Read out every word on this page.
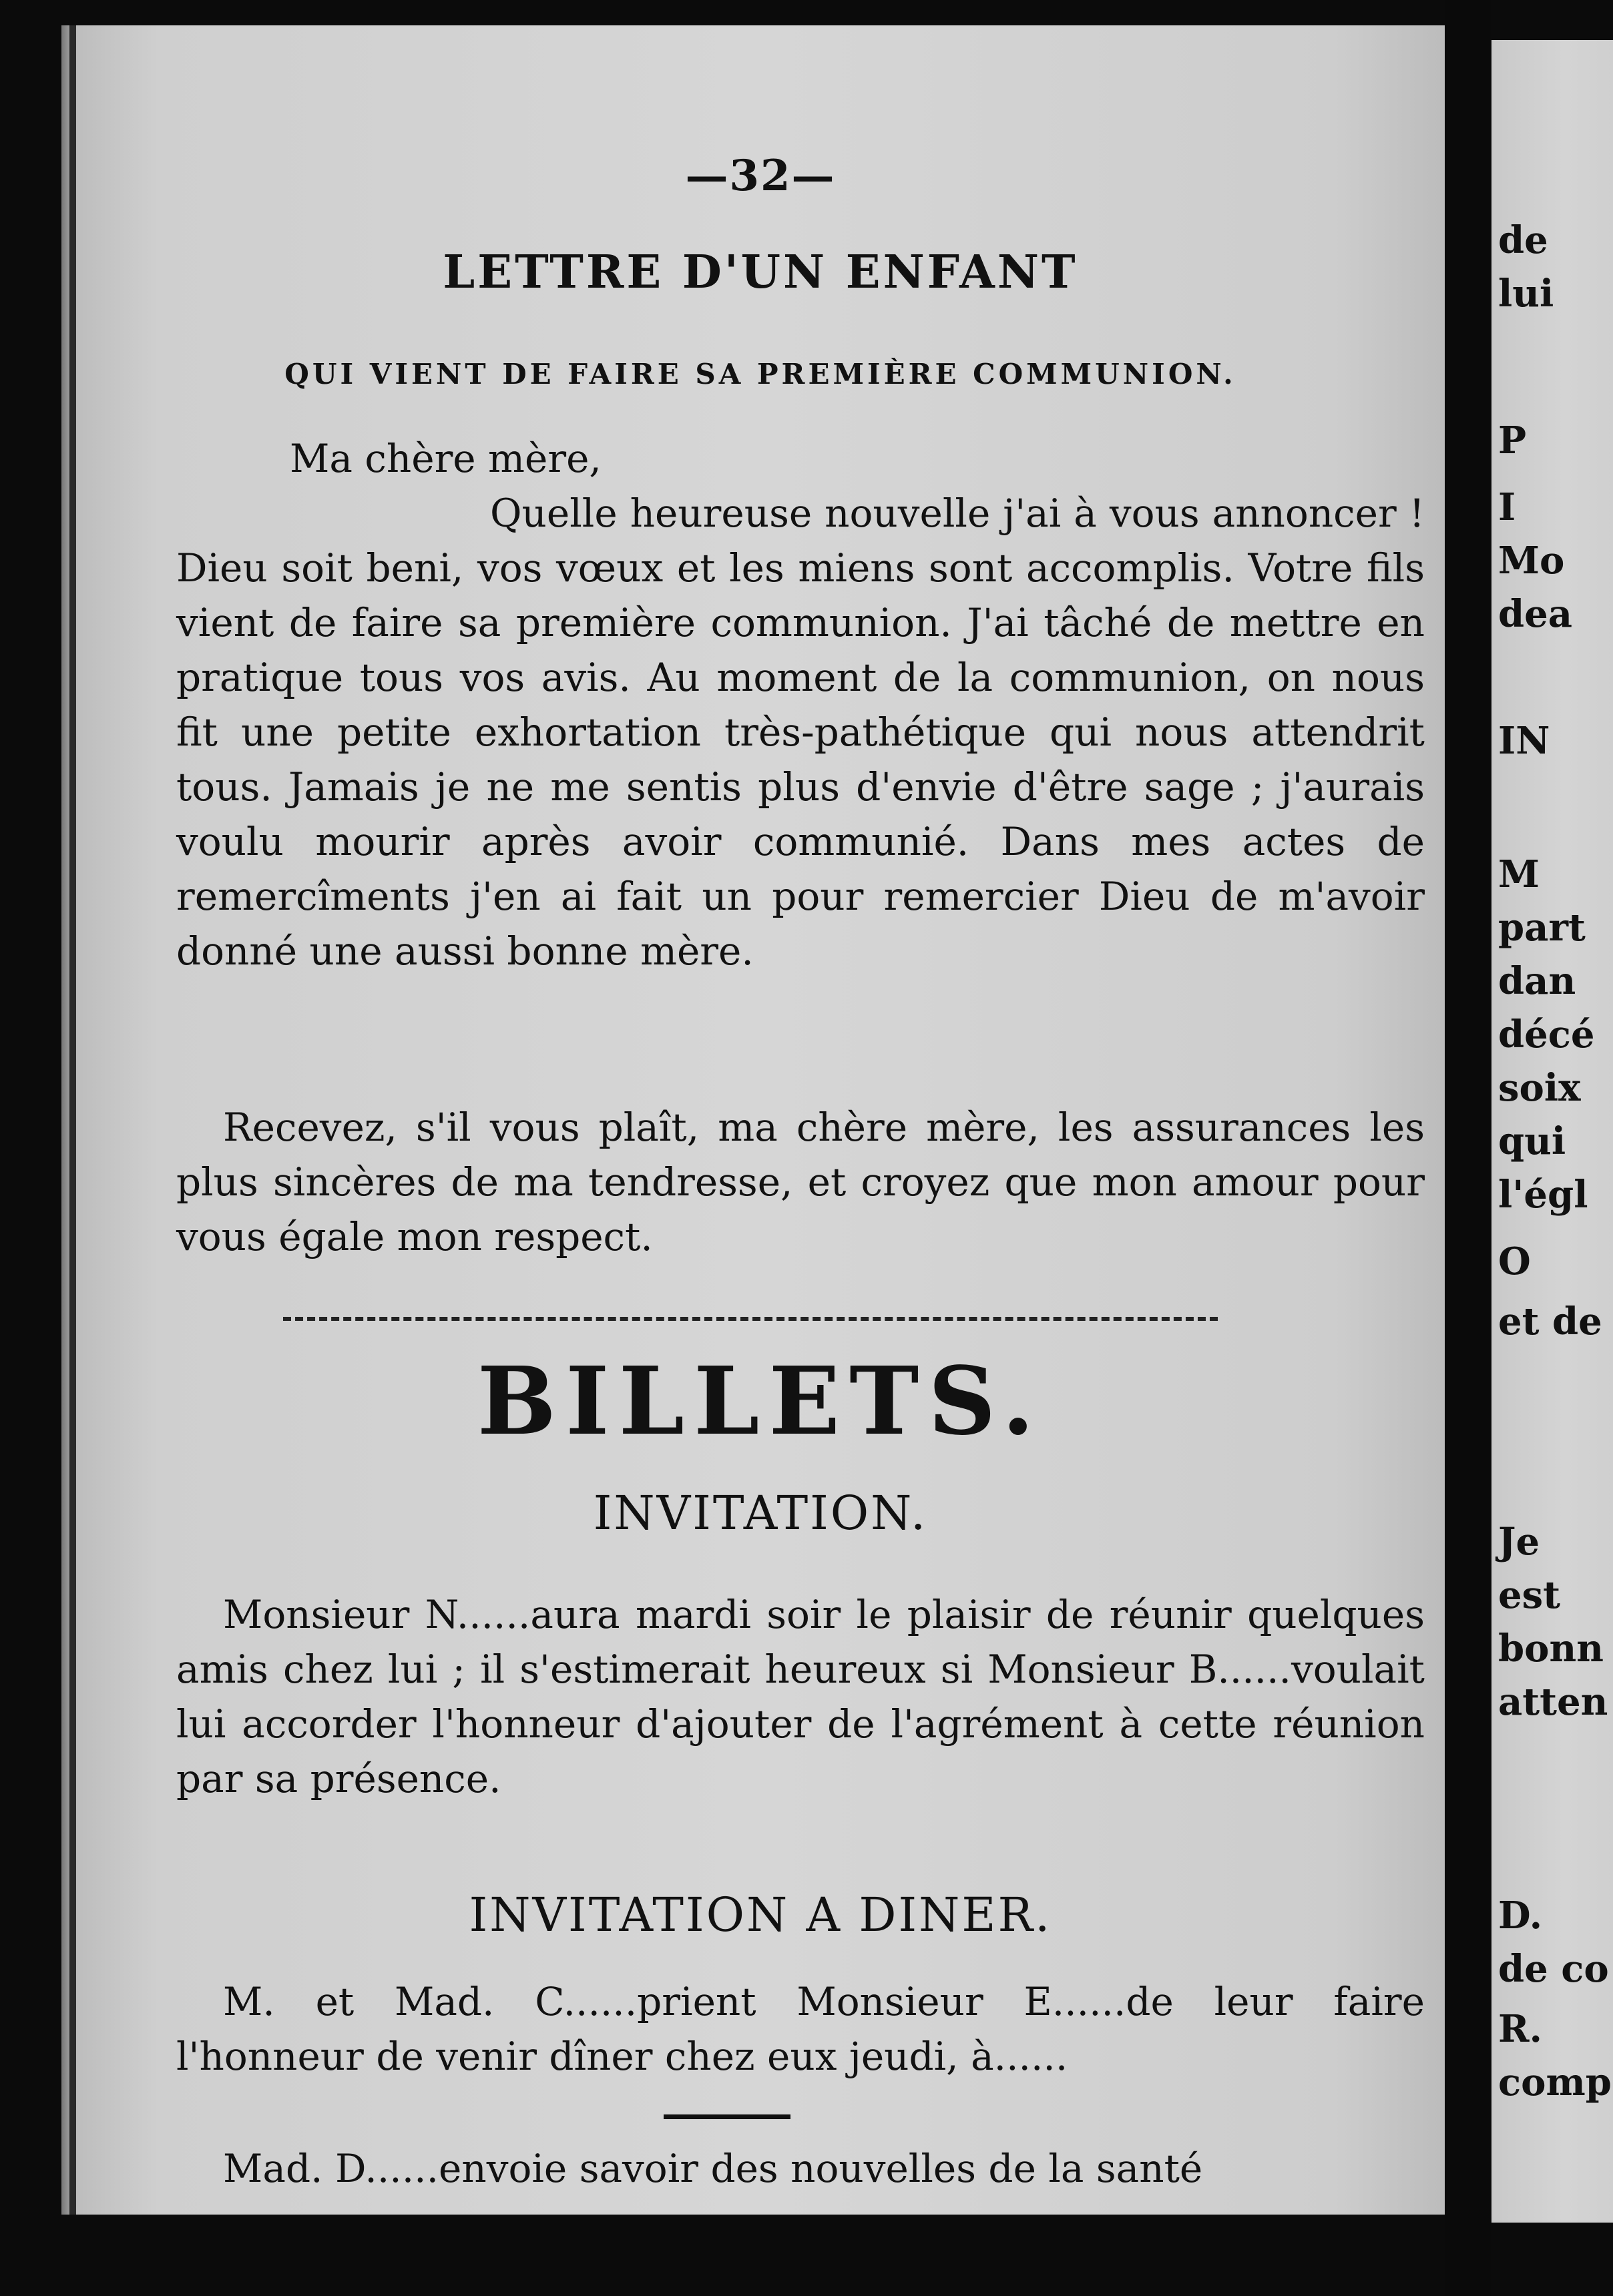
—32—
LETTRE D'UN ENFANT
QUI VIENT DE FAIRE SA PREMIÈRE COMMUNION.
Ma chère mère,
Quelle heureuse nouvelle j'ai à vous annoncer ! Dieu soit beni, vos vœux et les miens sont accomplis. Votre fils vient de faire sa première communion. J'ai tâché de mettre en pratique tous vos avis. Au moment de la communion, on nous fit une petite exhortation très-pathétique qui nous attendrit tous. Jamais je ne me sentis plus d'envie d'être sage ; j'aurais voulu mourir après avoir communié. Dans mes actes de remercîments j'en ai fait un pour remercier Dieu de m'avoir donné une aussi bonne mère.
Recevez, s'il vous plaît, ma chère mère, les assurances les plus sincères de ma tendresse, et croyez que mon amour pour vous égale mon respect.
BILLETS.
INVITATION.
Monsieur N......aura mardi soir le plaisir de réunir quelques amis chez lui ; il s'estimerait heureux si Monsieur B......voulait lui accorder l'honneur d'ajouter de l'agrément à cette réunion par sa présence.
INVITATION A DINER.
M. et Mad. C......prient Monsieur E......de leur faire l'honneur de venir dîner chez eux jeudi, à......
Mad. D......envoie savoir des nouvelles de la santé
de
lui
P
I
Mo
dea
IN
M
part
dan
décé
soix
qui
l'égl
O
et de
Je
est
bonn
atten
D.
de co
R.
comp
